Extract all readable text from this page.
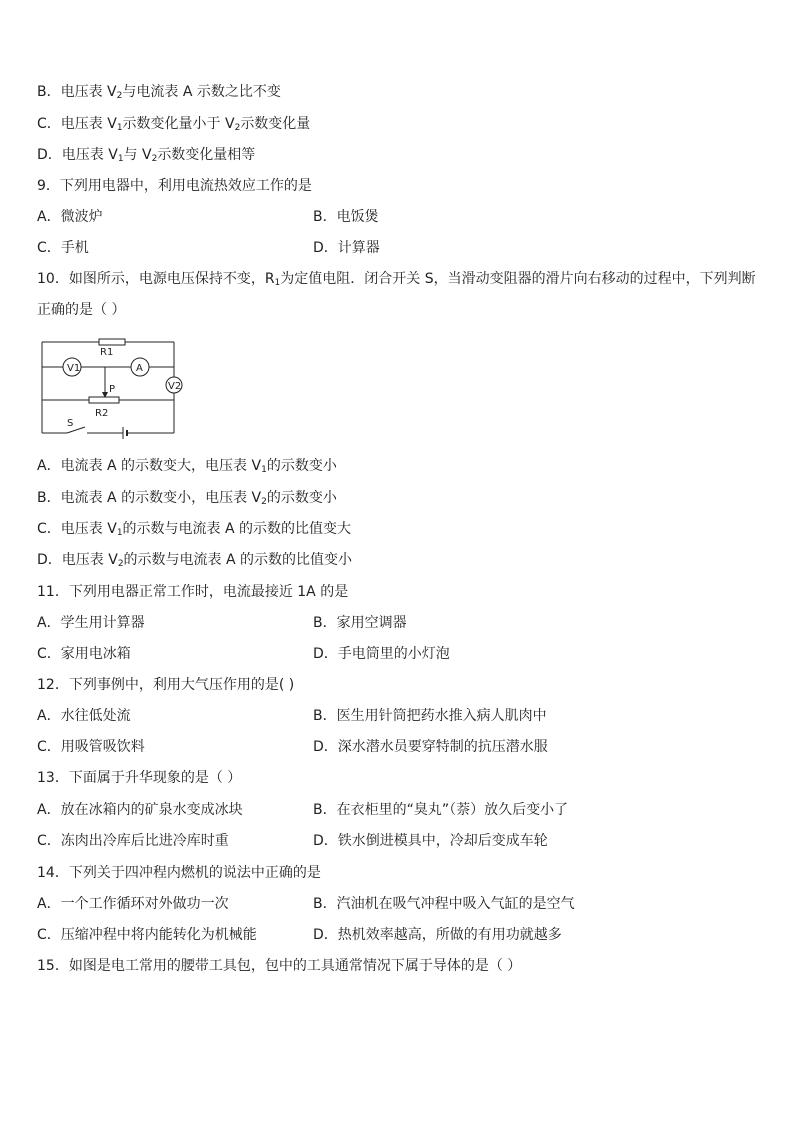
B．电压表 $V_2$与电流表 A 示数之比不变
C．电压表 $V_1$示数变化量小于 $V_2$示数变化量
D．电压表 $V_1$与 $V_2$示数变化量相等
9．下列用电器中，利用电流热效应工作的是
A．微波炉	B．电饭煲
C．手机	D．计算器
10．如图所示，电源电压保持不变，$R_1$为定值电阻．闭合开关 S，当滑动变阻器的滑片向右移动的过程中，下列判断
正确的是（ ）
R1
V1	A
V2
P
R2
S
A．电流表 A 的示数变大，电压表 $V_1$的示数变小
B．电流表 A 的示数变小，电压表 $V_2$的示数变小
C．电压表 $V_1$的示数与电流表 A 的示数的比值变大
D．电压表 $V_2$的示数与电流表 A 的示数的比值变小
11．下列用电器正常工作时，电流最接近 1A 的是
A．学生用计算器	B．家用空调器
C．家用电冰箱	D．手电筒里的小灯泡
12．下列事例中，利用大气压作用的是( )
A．水往低处流	B．医生用针筒把药水推入病人肌肉中
C．用吸管吸饮料	D．深水潜水员要穿特制的抗压潜水服
13．下面属于升华现象的是（ ）
A．放在冰箱内的矿泉水变成冰块	B．在衣柜里的“臭丸”（萘）放久后变小了
C．冻肉出冷库后比进冷库时重	D．铁水倒进模具中，冷却后变成车轮
14．下列关于四冲程内燃机的说法中正确的是
A．一个工作循环对外做功一次	B．汽油机在吸气冲程中吸入气缸的是空气
C．压缩冲程中将内能转化为机械能	D．热机效率越高，所做的有用功就越多
15．如图是电工常用的腰带工具包，包中的工具通常情况下属于导体的是（ ）
